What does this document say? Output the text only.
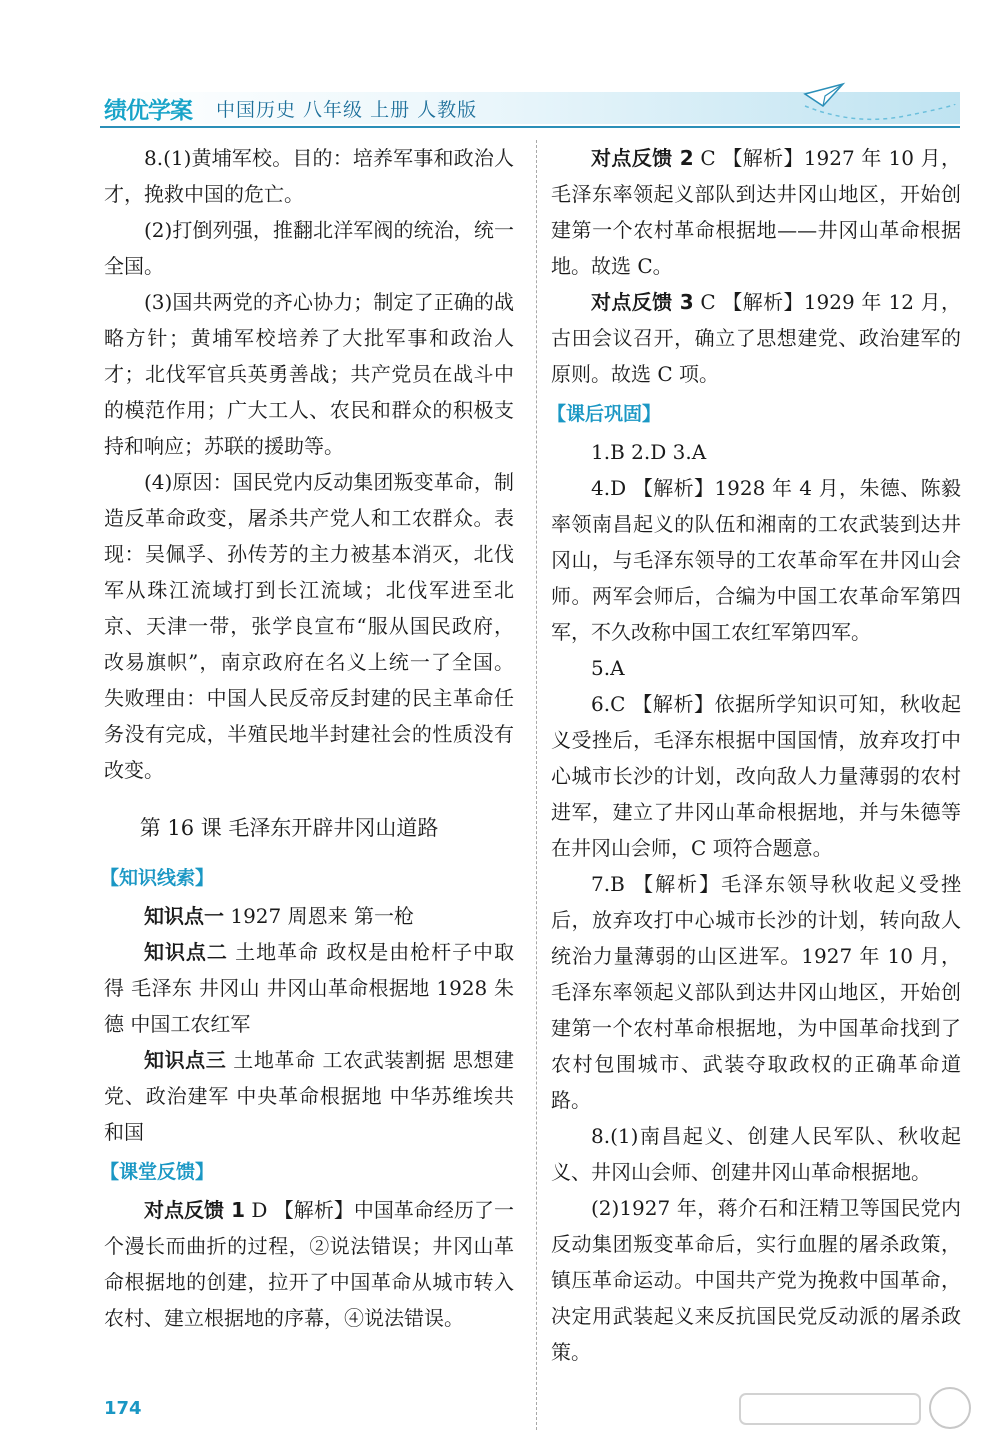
绩优学案 中国历史 八年级 上册 人教版

8.(1)黄埔军校。目的：培养军事和政治人才，挽救中国的危亡。

(2)打倒列强，推翻北洋军阀的统治，统一全国。

(3)国共两党的齐心协力；制定了正确的战略方针；黄埔军校培养了大批军事和政治人才；北伐军官兵英勇善战；共产党员在战斗中的模范作用；广大工人、农民和群众的积极支持和响应；苏联的援助等。

(4)原因：国民党内反动集团叛变革命，制造反革命政变，屠杀共产党人和工农群众。表现：吴佩孚、孙传芳的主力被基本消灭，北伐军从珠江流域打到长江流域；北伐军进至北京、天津一带，张学良宣布“服从国民政府，改易旗帜”，南京政府在名义上统一了全国。失败理由：中国人民反帝反封建的民主革命任务没有完成，半殖民地半封建社会的性质没有改变。

第 16 课 毛泽东开辟井冈山道路

【知识线索】

知识点一 1927 周恩来 第一枪

知识点二 土地革命 政权是由枪杆子中取得 毛泽东 井冈山 井冈山革命根据地 1928 朱德 中国工农红军

知识点三 土地革命 工农武装割据 思想建党、政治建军 中央革命根据地 中华苏维埃共和国

【课堂反馈】

对点反馈 1 D 【解析】中国革命经历了一个漫长而曲折的过程，②说法错误；井冈山革命根据地的创建，拉开了中国革命从城市转入农村、建立根据地的序幕，④说法错误。

对点反馈 2 C 【解析】1927 年 10 月，毛泽东率领起义部队到达井冈山地区，开始创建第一个农村革命根据地——井冈山革命根据地。故选 C。

对点反馈 3 C 【解析】1929 年 12 月，古田会议召开，确立了思想建党、政治建军的原则。故选 C 项。

【课后巩固】

1.B 2.D 3.A

4.D 【解析】1928 年 4 月，朱德、陈毅率领南昌起义的队伍和湘南的工农武装到达井冈山，与毛泽东领导的工农革命军在井冈山会师。两军会师后，合编为中国工农革命军第四军，不久改称中国工农红军第四军。

5.A

6.C 【解析】依据所学知识可知，秋收起义受挫后，毛泽东根据中国国情，放弃攻打中心城市长沙的计划，改向敌人力量薄弱的农村进军，建立了井冈山革命根据地，并与朱德等在井冈山会师，C 项符合题意。

7.B 【解析】毛泽东领导秋收起义受挫后，放弃攻打中心城市长沙的计划，转向敌人统治力量薄弱的山区进军。1927 年 10 月，毛泽东率领起义部队到达井冈山地区，开始创建第一个农村革命根据地，为中国革命找到了农村包围城市、武装夺取政权的正确革命道路。

8.(1)南昌起义、创建人民军队、秋收起义、井冈山会师、创建井冈山革命根据地。

(2)1927 年，蒋介石和汪精卫等国民党内反动集团叛变革命后，实行血腥的屠杀政策，镇压革命运动。中国共产党为挽救中国革命，决定用武装起义来反抗国民党反动派的屠杀政策。

174
